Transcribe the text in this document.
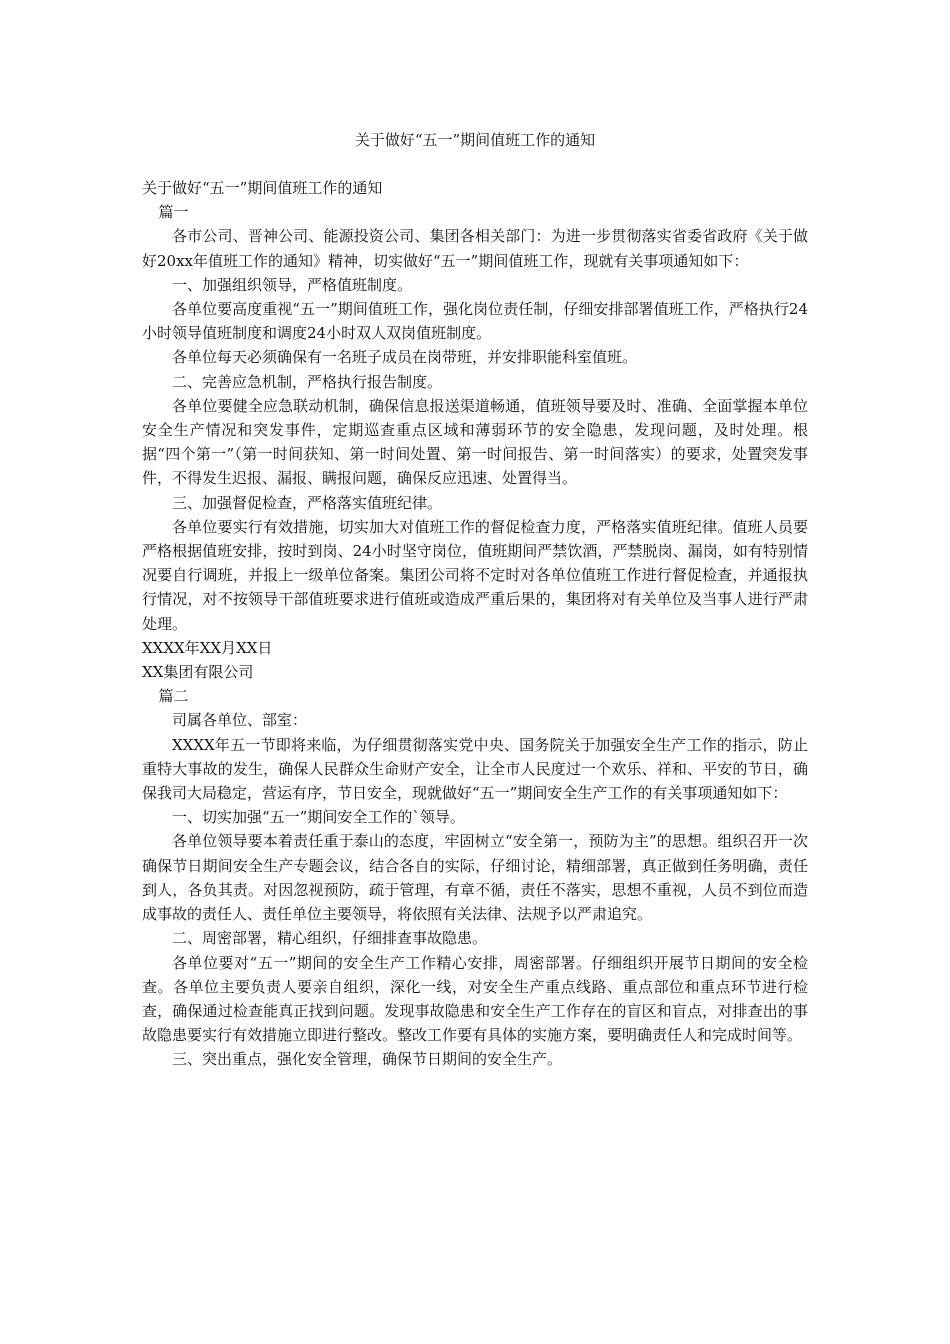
关于做好“五一”期间值班工作的通知

关于做好“五一”期间值班工作的通知

篇一

各市公司、晋神公司、能源投资公司、集团各相关部门：为进一步贯彻落实省委省政府《关于做好20xx年值班工作的通知》精神，切实做好“五一”期间值班工作，现就有关事项通知如下：

一、加强组织领导，严格值班制度。

各单位要高度重视“五一”期间值班工作，强化岗位责任制，仔细安排部署值班工作，严格执行24小时领导值班制度和调度24小时双人双岗值班制度。

各单位每天必须确保有一名班子成员在岗带班，并安排职能科室值班。

二、完善应急机制，严格执行报告制度。

各单位要健全应急联动机制，确保信息报送渠道畅通，值班领导要及时、准确、全面掌握本单位安全生产情况和突发事件，定期巡查重点区域和薄弱环节的安全隐患，发现问题，及时处理。根据“四个第一”（第一时间获知、第一时间处置、第一时间报告、第一时间落实）的要求，处置突发事件，不得发生迟报、漏报、瞒报问题，确保反应迅速、处置得当。

三、加强督促检查，严格落实值班纪律。

各单位要实行有效措施，切实加大对值班工作的督促检查力度，严格落实值班纪律。值班人员要严格根据值班安排，按时到岗、24小时坚守岗位，值班期间严禁饮酒，严禁脱岗、漏岗，如有特别情况要自行调班，并报上一级单位备案。集团公司将不定时对各单位值班工作进行督促检查，并通报执行情况，对不按领导干部值班要求进行值班或造成严重后果的，集团将对有关单位及当事人进行严肃处理。

XXXX年XX月XX日

XX集团有限公司

篇二

司属各单位、部室：

XXXX年五一节即将来临，为仔细贯彻落实党中央、国务院关于加强安全生产工作的指示，防止重特大事故的发生，确保人民群众生命财产安全，让全市人民度过一个欢乐、祥和、平安的节日，确保我司大局稳定，营运有序，节日安全，现就做好“五一”期间安全生产工作的有关事项通知如下：

一、切实加强“五一”期间安全工作的`领导。

各单位领导要本着责任重于泰山的态度，牢固树立“安全第一，预防为主”的思想。组织召开一次确保节日期间安全生产专题会议，结合各自的实际，仔细讨论，精细部署，真正做到任务明确，责任到人，各负其责。对因忽视预防，疏于管理，有章不循，责任不落实，思想不重视，人员不到位而造成事故的责任人、责任单位主要领导，将依照有关法律、法规予以严肃追究。

二、周密部署，精心组织，仔细排查事故隐患。

各单位要对“五一”期间的安全生产工作精心安排，周密部署。仔细组织开展节日期间的安全检查。各单位主要负责人要亲自组织，深化一线，对安全生产重点线路、重点部位和重点环节进行检查，确保通过检查能真正找到问题。发现事故隐患和安全生产工作存在的盲区和盲点，对排查出的事故隐患要实行有效措施立即进行整改。整改工作要有具体的实施方案，要明确责任人和完成时间等。

三、突出重点，强化安全管理，确保节日期间的安全生产。
